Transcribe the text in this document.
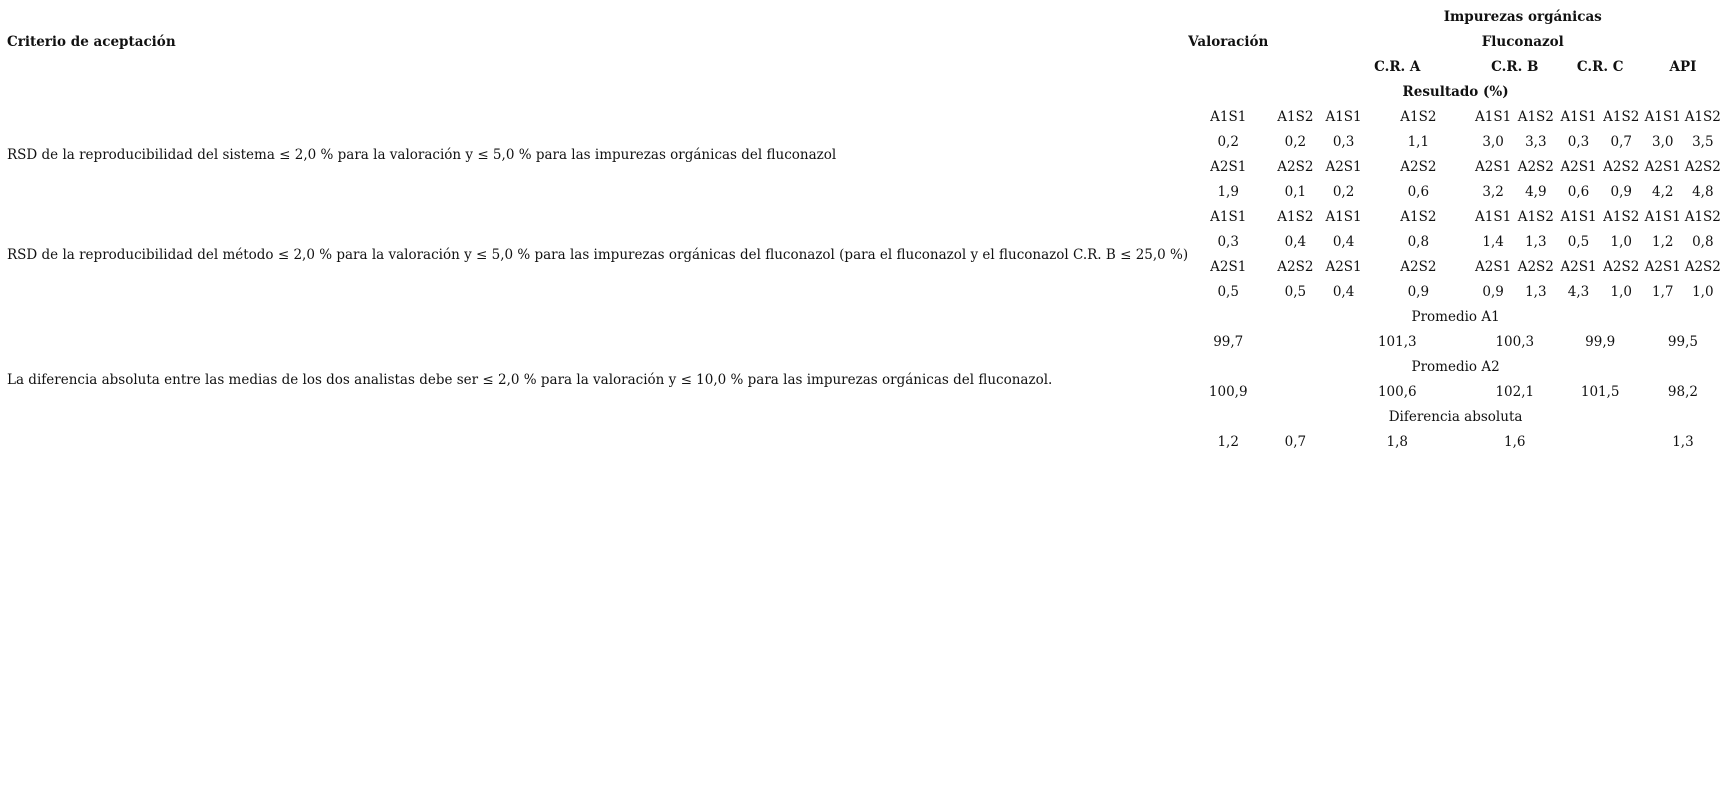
Criterio de aceptación	Valoración		Impurezas orgánicas								
			Fluconazol								
			C.R. A		C.R. B		C.R. C		API		
	Resultado (%)										
RSD de la reproducibilidad del sistema ≤ 2,0 % para la valoración y ≤ 5,0 % para las impurezas orgánicas del fluconazol	A1S1	A1S2	A1S1	A1S2	A1S1	A1S2	A1S1	A1S2	A1S1	A1S2	
	0,2	0,2	0,3	1,1	3,0	3,3	0,3	0,7	3,0	3,5	
	A2S1	A2S2	A2S1	A2S2	A2S1	A2S2	A2S1	A2S2	A2S1	A2S2	
	1,9	0,1	0,2	0,6	3,2	4,9	0,6	0,9	4,2	4,8	
RSD de la reproducibilidad del método ≤ 2,0 % para la valoración y ≤ 5,0 % para las impurezas orgánicas del fluconazol (para el fluconazol y el fluconazol C.R. B ≤ 25,0 %)	A1S1	A1S2	A1S1	A1S2	A1S1	A1S2	A1S1	A1S2	A1S1	A1S2	
	0,3	0,4	0,4	0,8	1,4	1,3	0,5	1,0	1,2	0,8	
	A2S1	A2S2	A2S1	A2S2	A2S1	A2S2	A2S1	A2S2	A2S1	A2S2	
	0,5	0,5	0,4	0,9	0,9	1,3	4,3	1,0	1,7	1,0	
La diferencia absoluta entre las medias de los dos analistas debe ser ≤ 2,0 % para la valoración y ≤ 10,0 % para las impurezas orgánicas del fluconazol.	Promedio A1										
	99,7		101,3		100,3		99,9		99,5		
	Promedio A2										
	100,9		100,6		102,1		101,5		98,2		
	Diferencia absoluta										
	1,2	0,7	1,8		1,6				1,3		
